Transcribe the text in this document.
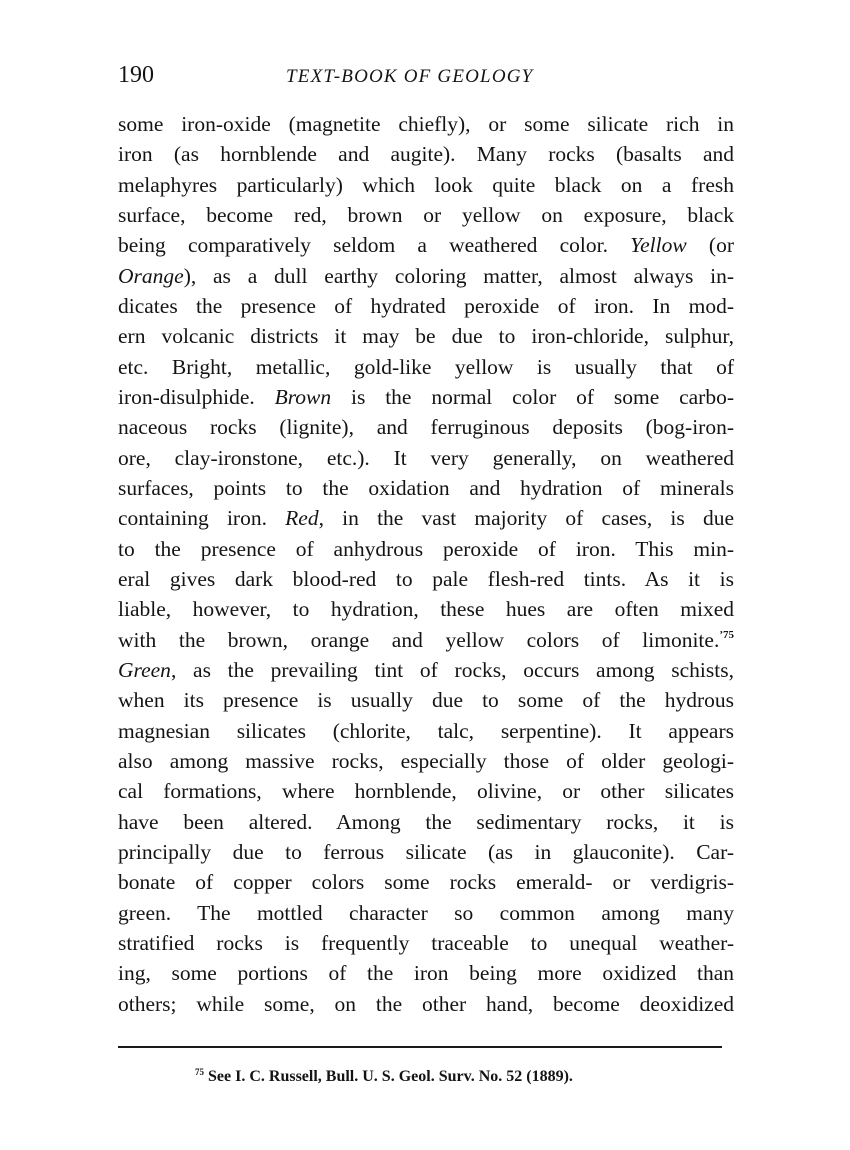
190	TEXT-BOOK OF GEOLOGY
some iron-oxide (magnetite chiefly), or some silicate rich in
iron (as hornblende and augite). Many rocks (basalts and
melaphyres particularly) which look quite black on a fresh
surface, become red, brown or yellow on exposure, black
being comparatively seldom a weathered color. Yellow (or
Orange), as a dull earthy coloring matter, almost always in-
dicates the presence of hydrated peroxide of iron. In mod-
ern volcanic districts it may be due to iron-chloride, sulphur,
etc. Bright, metallic, gold-like yellow is usually that of
iron-disulphide. Brown is the normal color of some carbo-
naceous rocks (lignite), and ferruginous deposits (bog-iron-
ore, clay-ironstone, etc.). It very generally, on weathered
surfaces, points to the oxidation and hydration of minerals
containing iron. Red, in the vast majority of cases, is due
to the presence of anhydrous peroxide of iron. This min-
eral gives dark blood-red to pale flesh-red tints. As it is
liable, however, to hydration, these hues are often mixed
with the brown, orange and yellow colors of limonite.$^{’75}$
Green, as the prevailing tint of rocks, occurs among schists,
when its presence is usually due to some of the hydrous
magnesian silicates (chlorite, talc, serpentine). It appears
also among massive rocks, especially those of older geologi-
cal formations, where hornblende, olivine, or other silicates
have been altered. Among the sedimentary rocks, it is
principally due to ferrous silicate (as in glauconite). Car-
bonate of copper colors some rocks emerald- or verdigris-
green. The mottled character so common among many
stratified rocks is frequently traceable to unequal weather-
ing, some portions of the iron being more oxidized than
others; while some, on the other hand, become deoxidized
$^{75}$ See I. C. Russell, Bull. U. S. Geol. Surv. No. 52 (1889).
